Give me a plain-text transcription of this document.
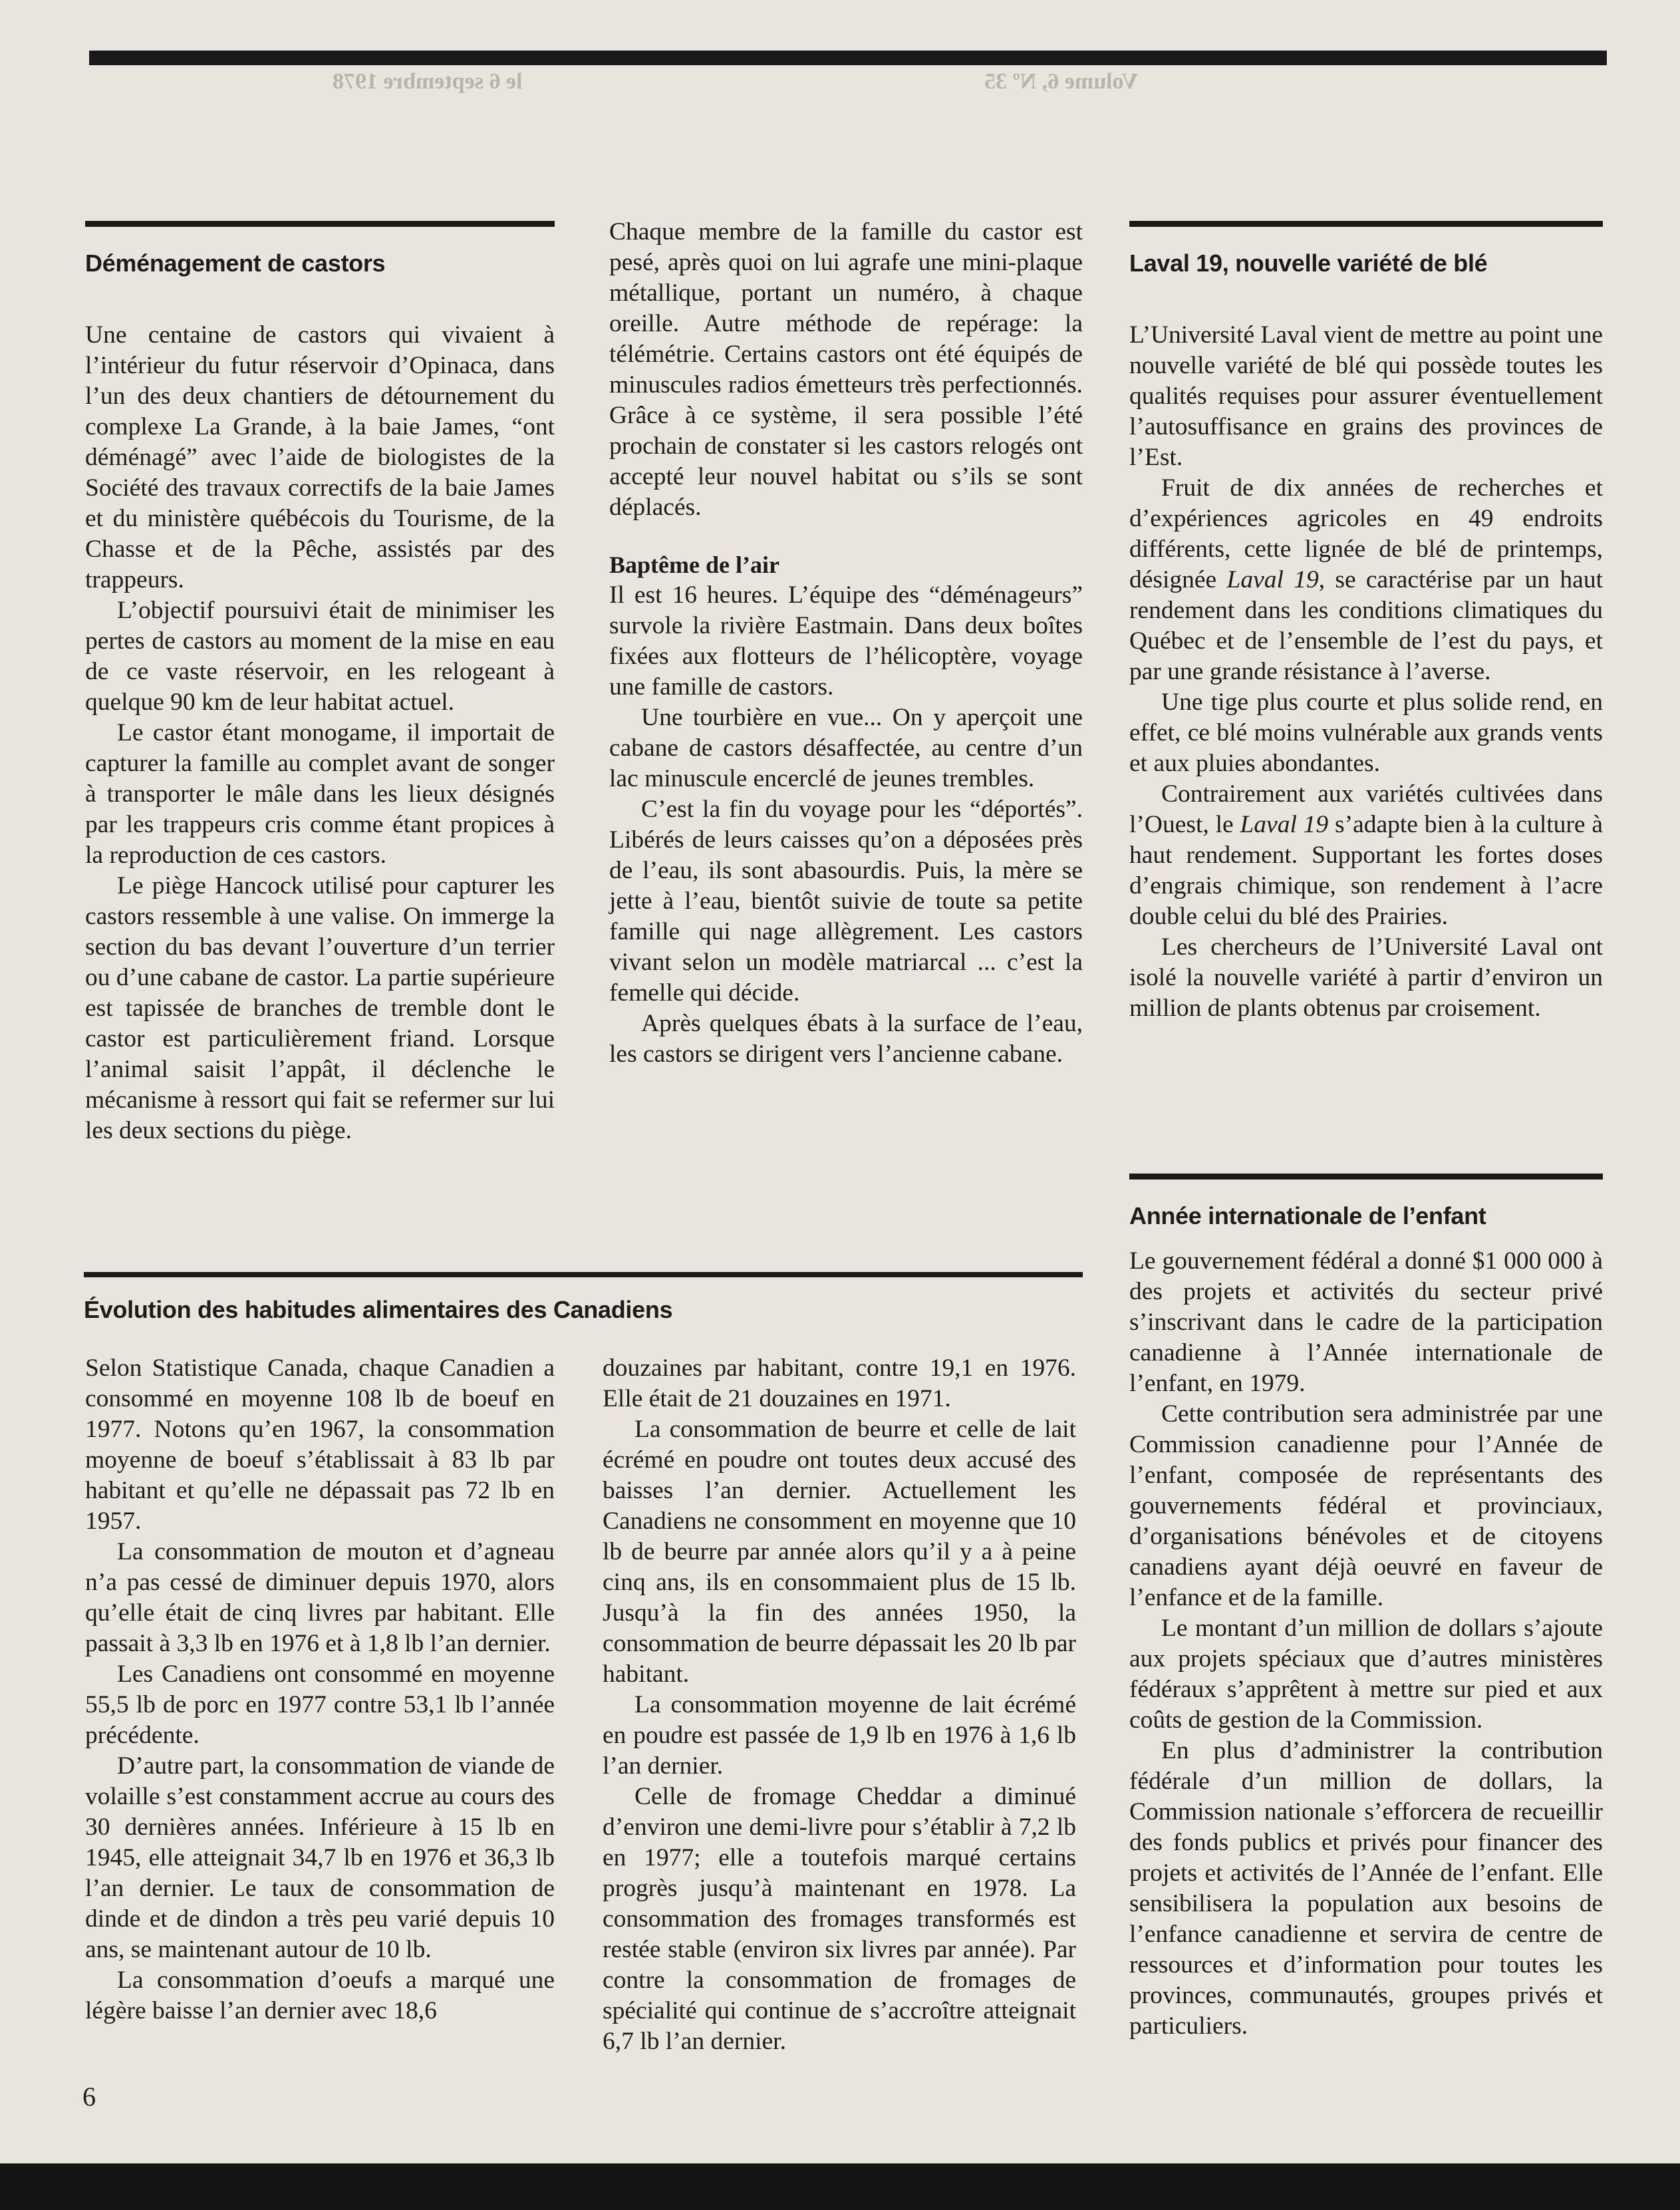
Volume 6, Nº 35
le 6 septembre 1978
Déménagement de castors

Une centaine de castors qui vivaient à l’intérieur du futur réservoir d’Opinaca, dans l’un des deux chantiers de détournement du complexe La Grande, à la baie James, “ont déménagé” avec l’aide de biologistes de la Société des travaux correctifs de la baie James et du ministère québécois du Tourisme, de la Chasse et de la Pêche, assistés par des trappeurs.

L’objectif poursuivi était de minimiser les pertes de castors au moment de la mise en eau de ce vaste réservoir, en les relogeant à quelque 90 km de leur habitat actuel.

Le castor étant monogame, il importait de capturer la famille au complet avant de songer à transporter le mâle dans les lieux désignés par les trappeurs cris comme étant propices à la reproduction de ces castors.

Le piège Hancock utilisé pour capturer les castors ressemble à une valise. On immerge la section du bas devant l’ouverture d’un terrier ou d’une cabane de castor. La partie supérieure est tapissée de branches de tremble dont le castor est particulièrement friand. Lorsque l’animal saisit l’appât, il déclenche le mécanisme à ressort qui fait se refermer sur lui les deux sections du piège.

Chaque membre de la famille du castor est pesé, après quoi on lui agrafe une mini-plaque métallique, portant un numéro, à chaque oreille. Autre méthode de repérage: la télémétrie. Certains castors ont été équipés de minuscules radios émetteurs très perfectionnés. Grâce à ce système, il sera possible l’été prochain de constater si les castors relogés ont accepté leur nouvel habitat ou s’ils se sont déplacés.

Baptême de l’air

Il est 16 heures. L’équipe des “déménageurs” survole la rivière Eastmain. Dans deux boîtes fixées aux flotteurs de l’hélicoptère, voyage une famille de castors.

Une tourbière en vue... On y aperçoit une cabane de castors désaffectée, au centre d’un lac minuscule encerclé de jeunes trembles.

C’est la fin du voyage pour les “déportés”. Libérés de leurs caisses qu’on a déposées près de l’eau, ils sont abasourdis. Puis, la mère se jette à l’eau, bientôt suivie de toute sa petite famille qui nage allègrement. Les castors vivant selon un modèle matriarcal ... c’est la femelle qui décide.

Après quelques ébats à la surface de l’eau, les castors se dirigent vers l’ancienne cabane.

Laval 19, nouvelle variété de blé

L’Université Laval vient de mettre au point une nouvelle variété de blé qui possède toutes les qualités requises pour assurer éventuellement l’autosuffisance en grains des provinces de l’Est.

Fruit de dix années de recherches et d’expériences agricoles en 49 endroits différents, cette lignée de blé de printemps, désignée Laval 19, se caractérise par un haut rendement dans les conditions climatiques du Québec et de l’ensemble de l’est du pays, et par une grande résistance à l’averse.

Une tige plus courte et plus solide rend, en effet, ce blé moins vulnérable aux grands vents et aux pluies abondantes.

Contrairement aux variétés cultivées dans l’Ouest, le Laval 19 s’adapte bien à la culture à haut rendement. Supportant les fortes doses d’engrais chimique, son rendement à l’acre double celui du blé des Prairies.

Les chercheurs de l’Université Laval ont isolé la nouvelle variété à partir d’environ un million de plants obtenus par croisement.

Année internationale de l’enfant

Le gouvernement fédéral a donné $1 000 000 à des projets et activités du secteur privé s’inscrivant dans le cadre de la participation canadienne à l’Année internationale de l’enfant, en 1979.

Cette contribution sera administrée par une Commission canadienne pour l’Année de l’enfant, composée de représentants des gouvernements fédéral et provinciaux, d’organisations bénévoles et de citoyens canadiens ayant déjà oeuvré en faveur de l’enfance et de la famille.

Le montant d’un million de dollars s’ajoute aux projets spéciaux que d’autres ministères fédéraux s’apprêtent à mettre sur pied et aux coûts de gestion de la Commission.

En plus d’administrer la contribution fédérale d’un million de dollars, la Commission nationale s’efforcera de recueillir des fonds publics et privés pour financer des projets et activités de l’Année de l’enfant. Elle sensibilisera la population aux besoins de l’enfance canadienne et servira de centre de ressources et d’information pour toutes les provinces, communautés, groupes privés et particuliers.

Évolution des habitudes alimentaires des Canadiens

Selon Statistique Canada, chaque Canadien a consommé en moyenne 108 lb de boeuf en 1977. Notons qu’en 1967, la consommation moyenne de boeuf s’établissait à 83 lb par habitant et qu’elle ne dépassait pas 72 lb en 1957.

La consommation de mouton et d’agneau n’a pas cessé de diminuer depuis 1970, alors qu’elle était de cinq livres par habitant. Elle passait à 3,3 lb en 1976 et à 1,8 lb l’an dernier.

Les Canadiens ont consommé en moyenne 55,5 lb de porc en 1977 contre 53,1 lb l’année précédente.

D’autre part, la consommation de viande de volaille s’est constamment accrue au cours des 30 dernières années. Inférieure à 15 lb en 1945, elle atteignait 34,7 lb en 1976 et 36,3 lb l’an dernier. Le taux de consommation de dinde et de dindon a très peu varié depuis 10 ans, se maintenant autour de 10 lb.

La consommation d’oeufs a marqué une légère baisse l’an dernier avec 18,6

douzaines par habitant, contre 19,1 en 1976. Elle était de 21 douzaines en 1971.

La consommation de beurre et celle de lait écrémé en poudre ont toutes deux accusé des baisses l’an dernier. Actuellement les Canadiens ne consomment en moyenne que 10 lb de beurre par année alors qu’il y a à peine cinq ans, ils en consommaient plus de 15 lb. Jusqu’à la fin des années 1950, la consommation de beurre dépassait les 20 lb par habitant.

La consommation moyenne de lait écrémé en poudre est passée de 1,9 lb en 1976 à 1,6 lb l’an dernier.

Celle de fromage Cheddar a diminué d’environ une demi-livre pour s’établir à 7,2 lb en 1977; elle a toutefois marqué certains progrès jusqu’à maintenant en 1978. La consommation des fromages transformés est restée stable (environ six livres par année). Par contre la consommation de fromages de spécialité qui continue de s’accroître atteignait 6,7 lb l’an dernier.

6
